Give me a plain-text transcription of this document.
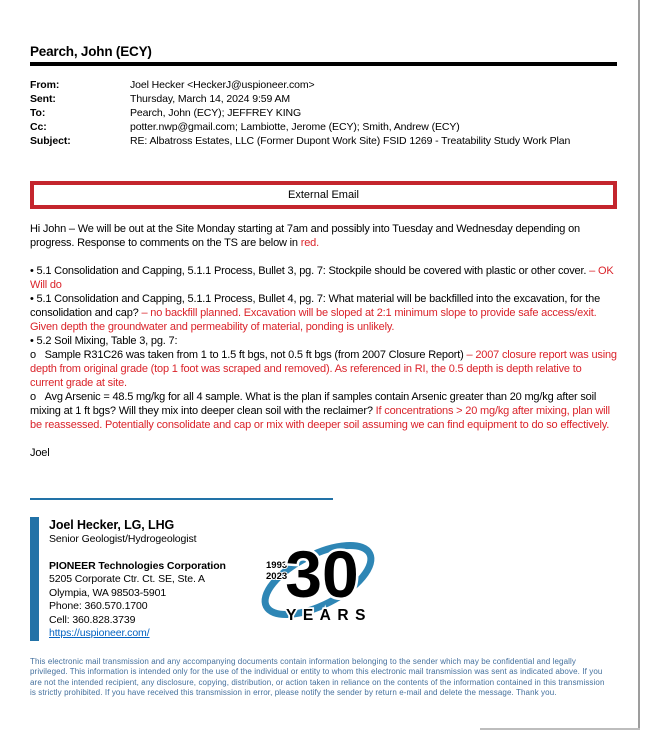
Pearch, John (ECY)
From:	Joel Hecker <HeckerJ@uspioneer.com>
Sent:	Thursday, March 14, 2024 9:59 AM
To:	Pearch, John (ECY); JEFFREY KING
Cc:	potter.nwp@gmail.com; Lambiotte, Jerome (ECY); Smith, Andrew (ECY)
Subject:	RE: Albatross Estates, LLC (Former Dupont Work Site) FSID 1269 - Treatability Study Work Plan
External Email

Hi John – We will be out at the Site Monday starting at 7am and possibly into Tuesday and Wednesday depending on progress. Response to comments on the TS are below in red.

• 5.1 Consolidation and Capping, 5.1.1 Process, Bullet 3, pg. 7: Stockpile should be covered with plastic or other cover. – OK Will do

• 5.1 Consolidation and Capping, 5.1.1 Process, Bullet 4, pg. 7: What material will be backfilled into the excavation, for the consolidation and cap? – no backfill planned. Excavation will be sloped at 2:1 minimum slope to provide safe access/exit. Given depth the groundwater and permeability of material, ponding is unlikely.

• 5.2 Soil Mixing, Table 3, pg. 7:

o   Sample R31C26 was taken from 1 to 1.5 ft bgs, not 0.5 ft bgs (from 2007 Closure Report) – 2007 closure report was using depth from original grade (top 1 foot was scraped and removed). As referenced in RI, the 0.5 depth is depth relative to current grade at site.

o   Avg Arsenic = 48.5 mg/kg for all 4 sample. What is the plan if samples contain Arsenic greater than 20 mg/kg after soil mixing at 1 ft bgs? Will they mix into deeper clean soil with the reclaimer? If concentrations > 20 mg/kg after mixing, plan will be reassessed. Potentially consolidate and cap or mix with deeper soil assuming we can find equipment to do so effectively.

Joel

Joel Hecker, LG, LHG
Senior Geologist/Hydrogeologist
PIONEER Technologies Corporation
5205 Corporate Ctr. Ct. SE, Ste. A
Olympia, WA 98503-5901
Phone: 360.570.1700
Cell: 360.828.3739
https://uspioneer.com/
1993
2023
30
YEARS
This electronic mail transmission and any accompanying documents contain information belonging to the sender which may be confidential and legally privileged. This information is intended only for the use of the individual or entity to whom this electronic mail transmission was sent as indicated above. If you are not the intended recipient, any disclosure, copying, distribution, or action taken in reliance on the contents of the information contained in this transmission is strictly prohibited. If you have received this transmission in error, please notify the sender by return e-mail and delete the message. Thank you.
